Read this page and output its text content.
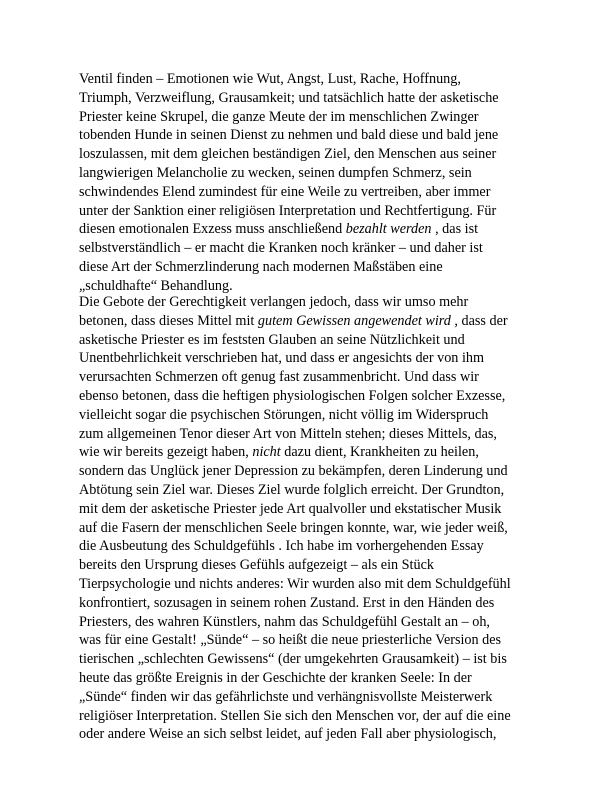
Ventil finden – Emotionen wie Wut, Angst, Lust, Rache, Hoffnung,
Triumph, Verzweiflung, Grausamkeit; und tatsächlich hatte der asketische
Priester keine Skrupel, die ganze Meute der im menschlichen Zwinger
tobenden Hunde in seinen Dienst zu nehmen und bald diese und bald jene
loszulassen, mit dem gleichen beständigen Ziel, den Menschen aus seiner
langwierigen Melancholie zu wecken, seinen dumpfen Schmerz, sein
schwindendes Elend zumindest für eine Weile zu vertreiben, aber immer
unter der Sanktion einer religiösen Interpretation und Rechtfertigung. Für
diesen emotionalen Exzess muss anschließend bezahlt werden , das ist
selbstverständlich – er macht die Kranken noch kränker – und daher ist
diese Art der Schmerzlinderung nach modernen Maßstäben eine
„schuldhafte“ Behandlung.
Die Gebote der Gerechtigkeit verlangen jedoch, dass wir umso mehr
betonen, dass dieses Mittel mit gutem Gewissen angewendet wird , dass der
asketische Priester es im feststen Glauben an seine Nützlichkeit und
Unentbehrlichkeit verschrieben hat, und dass er angesichts der von ihm
verursachten Schmerzen oft genug fast zusammenbricht. Und dass wir
ebenso betonen, dass die heftigen physiologischen Folgen solcher Exzesse,
vielleicht sogar die psychischen Störungen, nicht völlig im Widerspruch
zum allgemeinen Tenor dieser Art von Mitteln stehen; dieses Mittels, das,
wie wir bereits gezeigt haben, nicht dazu dient, Krankheiten zu heilen,
sondern das Unglück jener Depression zu bekämpfen, deren Linderung und
Abtötung sein Ziel war. Dieses Ziel wurde folglich erreicht. Der Grundton,
mit dem der asketische Priester jede Art qualvoller und ekstatischer Musik
auf die Fasern der menschlichen Seele bringen konnte, war, wie jeder weiß,
die Ausbeutung des Schuldgefühls . Ich habe im vorhergehenden Essay
bereits den Ursprung dieses Gefühls aufgezeigt – als ein Stück
Tierpsychologie und nichts anderes: Wir wurden also mit dem Schuldgefühl
konfrontiert, sozusagen in seinem rohen Zustand. Erst in den Händen des
Priesters, des wahren Künstlers, nahm das Schuldgefühl Gestalt an – oh,
was für eine Gestalt! „Sünde“ – so heißt die neue priesterliche Version des
tierischen „schlechten Gewissens“ (der umgekehrten Grausamkeit) – ist bis
heute das größte Ereignis in der Geschichte der kranken Seele: In der
„Sünde“ finden wir das gefährlichste und verhängnisvollste Meisterwerk
religiöser Interpretation. Stellen Sie sich den Menschen vor, der auf die eine
oder andere Weise an sich selbst leidet, auf jeden Fall aber physiologisch,
